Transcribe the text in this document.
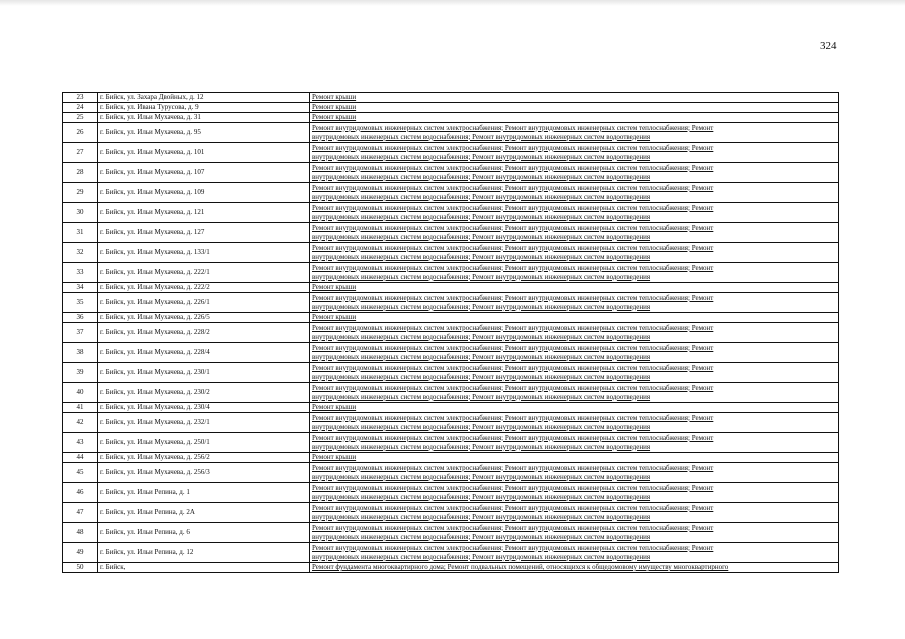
324
23	г. Бийск, ул. Захара Двойных, д. 12	Ремонт крыши

24	г. Бийск, ул. Ивана Турусова, д. 9	Ремонт крыши

25	г. Бийск, ул. Ильи Мухачева, д. 31	Ремонт крыши

26	г. Бийск, ул. Ильи Мухачева, д. 95	Ремонт внутридомовых инженерных систем электроснабжения; Ремонт внутридомовых инженерных систем теплоснабжения; Ремонт
внутридомовых инженерных систем водоснабжения; Ремонт внутридомовых инженерных систем водоотведения

27	г. Бийск, ул. Ильи Мухачева, д. 101	Ремонт внутридомовых инженерных систем электроснабжения; Ремонт внутридомовых инженерных систем теплоснабжения; Ремонт
внутридомовых инженерных систем водоснабжения; Ремонт внутридомовых инженерных систем водоотведения

28	г. Бийск, ул. Ильи Мухачева, д. 107	Ремонт внутридомовых инженерных систем электроснабжения; Ремонт внутридомовых инженерных систем теплоснабжения; Ремонт
внутридомовых инженерных систем водоснабжения; Ремонт внутридомовых инженерных систем водоотведения

29	г. Бийск, ул. Ильи Мухачева, д. 109	Ремонт внутридомовых инженерных систем электроснабжения; Ремонт внутридомовых инженерных систем теплоснабжения; Ремонт
внутридомовых инженерных систем водоснабжения; Ремонт внутридомовых инженерных систем водоотведения

30	г. Бийск, ул. Ильи Мухачева, д. 121	Ремонт внутридомовых инженерных систем электроснабжения; Ремонт внутридомовых инженерных систем теплоснабжения; Ремонт
внутридомовых инженерных систем водоснабжения; Ремонт внутридомовых инженерных систем водоотведения

31	г. Бийск, ул. Ильи Мухачева, д. 127	Ремонт внутридомовых инженерных систем электроснабжения; Ремонт внутридомовых инженерных систем теплоснабжения; Ремонт
внутридомовых инженерных систем водоснабжения; Ремонт внутридомовых инженерных систем водоотведения

32	г. Бийск, ул. Ильи Мухачева, д. 133/1	Ремонт внутридомовых инженерных систем электроснабжения; Ремонт внутридомовых инженерных систем теплоснабжения; Ремонт
внутридомовых инженерных систем водоснабжения; Ремонт внутридомовых инженерных систем водоотведения

33	г. Бийск, ул. Ильи Мухачева, д. 222/1	Ремонт внутридомовых инженерных систем электроснабжения; Ремонт внутридомовых инженерных систем теплоснабжения; Ремонт
внутридомовых инженерных систем водоснабжения; Ремонт внутридомовых инженерных систем водоотведения

34	г. Бийск, ул. Ильи Мухачева, д. 222/2	Ремонт крыши

35	г. Бийск, ул. Ильи Мухачева, д. 226/1	Ремонт внутридомовых инженерных систем электроснабжения; Ремонт внутридомовых инженерных систем теплоснабжения; Ремонт
внутридомовых инженерных систем водоснабжения; Ремонт внутридомовых инженерных систем водоотведения

36	г. Бийск, ул. Ильи Мухачева, д. 226/5	Ремонт крыши

37	г. Бийск, ул. Ильи Мухачева, д. 228/2	Ремонт внутридомовых инженерных систем электроснабжения; Ремонт внутридомовых инженерных систем теплоснабжения; Ремонт
внутридомовых инженерных систем водоснабжения; Ремонт внутридомовых инженерных систем водоотведения

38	г. Бийск, ул. Ильи Мухачева, д. 228/4	Ремонт внутридомовых инженерных систем электроснабжения; Ремонт внутридомовых инженерных систем теплоснабжения; Ремонт
внутридомовых инженерных систем водоснабжения; Ремонт внутридомовых инженерных систем водоотведения

39	г. Бийск, ул. Ильи Мухачева, д. 230/1	Ремонт внутридомовых инженерных систем электроснабжения; Ремонт внутридомовых инженерных систем теплоснабжения; Ремонт
внутридомовых инженерных систем водоснабжения; Ремонт внутридомовых инженерных систем водоотведения

40	г. Бийск, ул. Ильи Мухачева, д. 230/2	Ремонт внутридомовых инженерных систем электроснабжения; Ремонт внутридомовых инженерных систем теплоснабжения; Ремонт
внутридомовых инженерных систем водоснабжения; Ремонт внутридомовых инженерных систем водоотведения

41	г. Бийск, ул. Ильи Мухачева, д. 230/4	Ремонт крыши

42	г. Бийск, ул. Ильи Мухачева, д. 232/1	Ремонт внутридомовых инженерных систем электроснабжения; Ремонт внутридомовых инженерных систем теплоснабжения; Ремонт
внутридомовых инженерных систем водоснабжения; Ремонт внутридомовых инженерных систем водоотведения

43	г. Бийск, ул. Ильи Мухачева, д. 250/1	Ремонт внутридомовых инженерных систем электроснабжения; Ремонт внутридомовых инженерных систем теплоснабжения; Ремонт
внутридомовых инженерных систем водоснабжения; Ремонт внутридомовых инженерных систем водоотведения

44	г. Бийск, ул. Ильи Мухачева, д. 256/2	Ремонт крыши

45	г. Бийск, ул. Ильи Мухачева, д. 256/3	Ремонт внутридомовых инженерных систем электроснабжения; Ремонт внутридомовых инженерных систем теплоснабжения; Ремонт
внутридомовых инженерных систем водоснабжения; Ремонт внутридомовых инженерных систем водоотведения

46	г. Бийск, ул. Ильи Репина, д. 1	Ремонт внутридомовых инженерных систем электроснабжения; Ремонт внутридомовых инженерных систем теплоснабжения; Ремонт
внутридомовых инженерных систем водоснабжения; Ремонт внутридомовых инженерных систем водоотведения

47	г. Бийск, ул. Ильи Репина, д. 2А	Ремонт внутридомовых инженерных систем электроснабжения; Ремонт внутридомовых инженерных систем теплоснабжения; Ремонт
внутридомовых инженерных систем водоснабжения; Ремонт внутридомовых инженерных систем водоотведения

48	г. Бийск, ул. Ильи Репина, д. 6	Ремонт внутридомовых инженерных систем электроснабжения; Ремонт внутридомовых инженерных систем теплоснабжения; Ремонт
внутридомовых инженерных систем водоснабжения; Ремонт внутридомовых инженерных систем водоотведения

49	г. Бийск, ул. Ильи Репина, д. 12	Ремонт внутридомовых инженерных систем электроснабжения; Ремонт внутридомовых инженерных систем теплоснабжения; Ремонт
внутридомовых инженерных систем водоснабжения; Ремонт внутридомовых инженерных систем водоотведения

50	г. Бийск,	Ремонт фундамента многоквартирного дома; Ремонт подвальных помещений, относящихся к общедомовому имуществу многоквартирного
